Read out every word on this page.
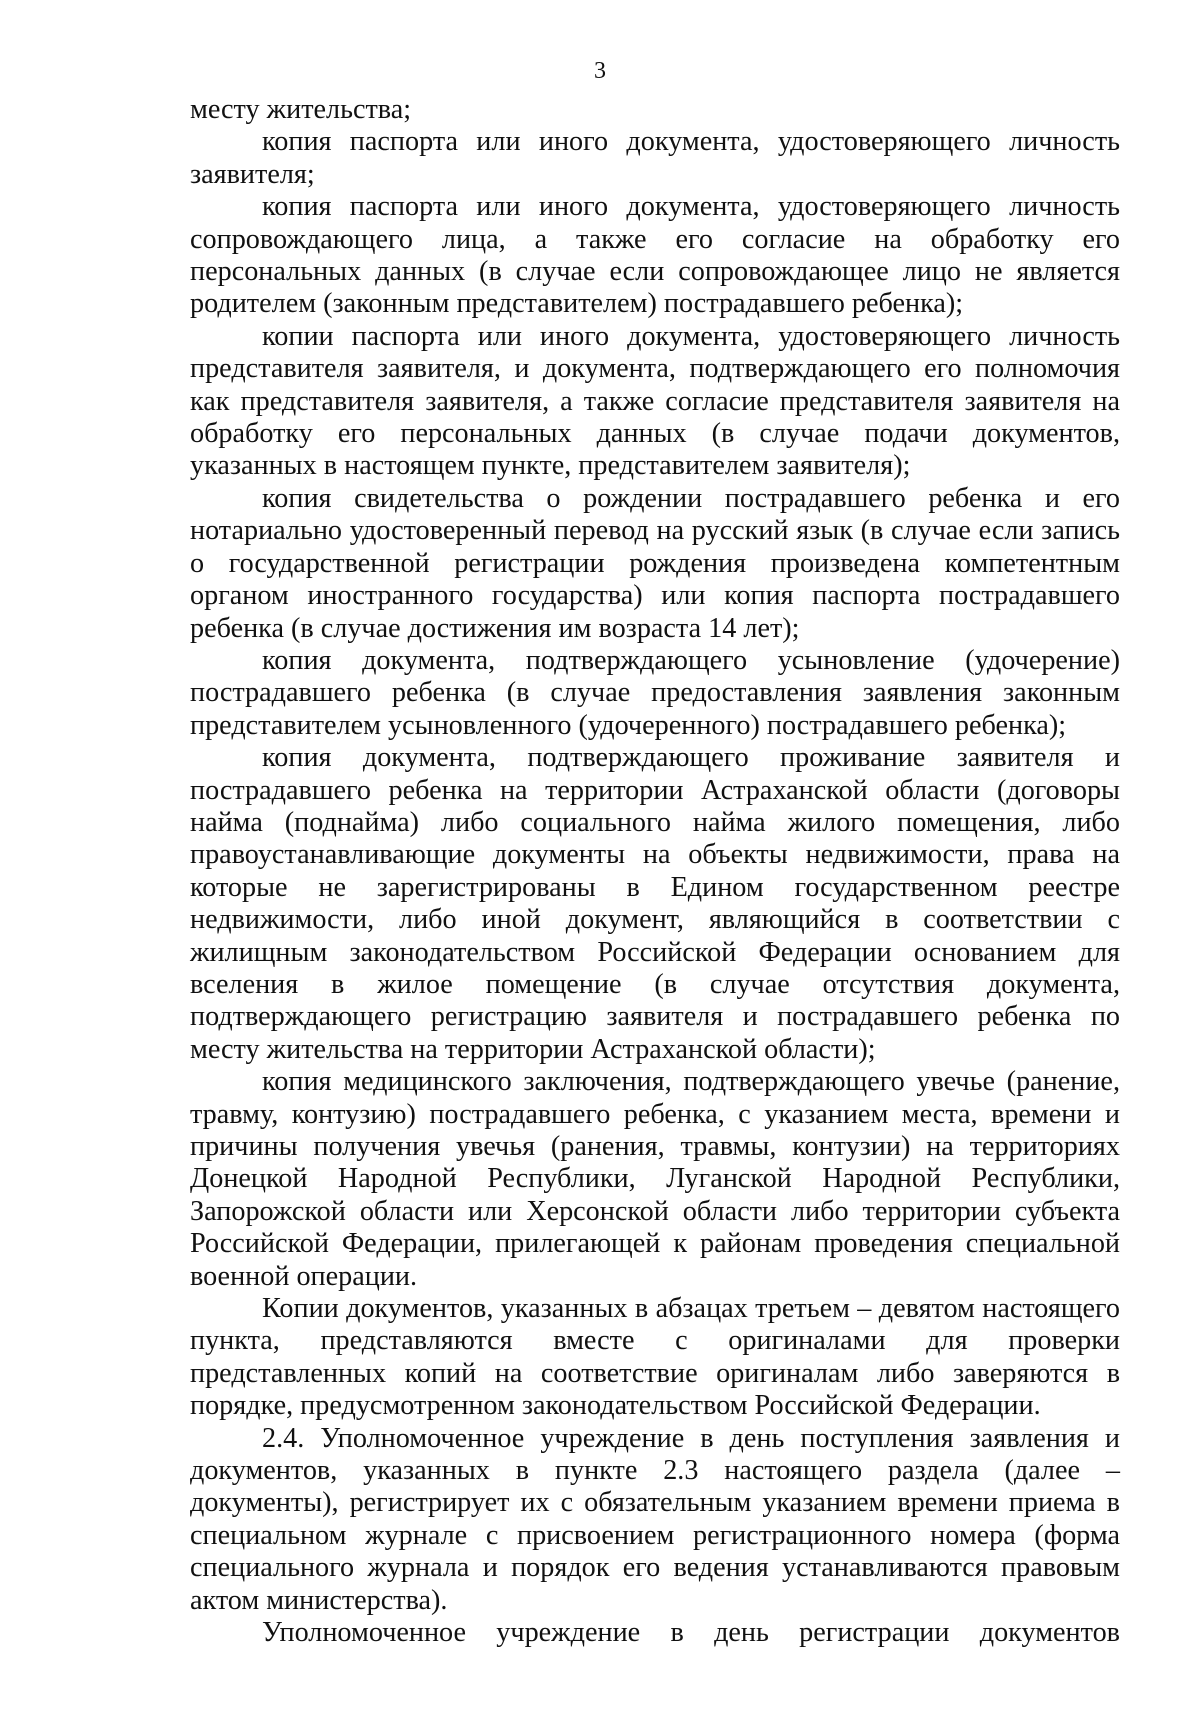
3

месту жительства;

копия паспорта или иного документа, удостоверяющего личность заявителя;

копия паспорта или иного документа, удостоверяющего личность сопровождающего лица, а также его согласие на обработку его персональных данных (в случае если сопровождающее лицо не является родителем (законным представителем) пострадавшего ребенка);

копии паспорта или иного документа, удостоверяющего личность представителя заявителя, и документа, подтверждающего его полномочия как представителя заявителя, а также согласие представителя заявителя на обработку его персональных данных (в случае подачи документов, указанных в настоящем пункте, представителем заявителя);

копия свидетельства о рождении пострадавшего ребенка и его нотариально удостоверенный перевод на русский язык (в случае если запись о государственной регистрации рождения произведена компетентным органом иностранного государства) или копия паспорта пострадавшего ребенка (в случае достижения им возраста 14 лет);

копия документа, подтверждающего усыновление (удочерение) пострадавшего ребенка (в случае предоставления заявления законным представителем усыновленного (удочеренного) пострадавшего ребенка);

копия документа, подтверждающего проживание заявителя и пострадавшего ребенка на территории Астраханской области (договоры найма (поднайма) либо социального найма жилого помещения, либо правоустанавливающие документы на объекты недвижимости, права на которые не зарегистрированы в Едином государственном реестре недвижимости, либо иной документ, являющийся в соответствии с жилищным законодательством Российской Федерации основанием для вселения в жилое помещение (в случае отсутствия документа, подтверждающего регистрацию заявителя и пострадавшего ребенка по месту жительства на территории Астраханской области);

копия медицинского заключения, подтверждающего увечье (ранение, травму, контузию) пострадавшего ребенка, с указанием места, времени и причины получения увечья (ранения, травмы, контузии) на территориях Донецкой Народной Республики, Луганской Народной Республики, Запорожской области или Херсонской области либо территории субъекта Российской Федерации, прилегающей к районам проведения специальной военной операции.

Копии документов, указанных в абзацах третьем – девятом настоящего пункта, представляются вместе с оригиналами для проверки представленных копий на соответствие оригиналам либо заверяются в порядке, предусмотренном законодательством Российской Федерации.

2.4. Уполномоченное учреждение в день поступления заявления и документов, указанных в пункте 2.3 настоящего раздела (далее – документы), регистрирует их с обязательным указанием времени приема в специальном журнале с присвоением регистрационного номера (форма специального журнала и порядок его ведения устанавливаются правовым актом министерства).

Уполномоченное учреждение в день регистрации документов
